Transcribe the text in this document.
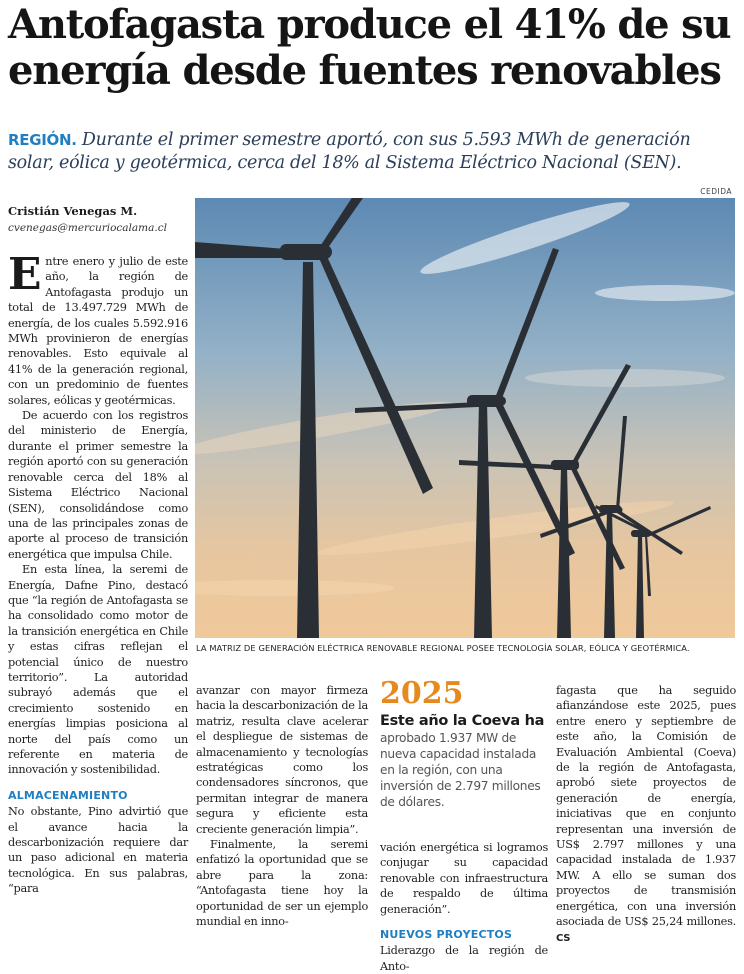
Antofagasta produce el 41% de su
energía desde fuentes renovables

REGIÓN. Durante el primer semestre aportó, con sus 5.593 MWh de generación solar, eólica y geotérmica, cerca del 18% al Sistema Eléctrico Nacional (SEN).

CEDIDA
Cristián Venegas M.
cvenegas@mercuriocalama.cl

Entre enero y julio de este año, la región de Antofagasta produjo un total de 13.497.729 MWh de energía, de los cuales 5.592.916 MWh provinieron de energías renovables. Esto equivale al 41% de la generación regional, con un predominio de fuentes solares, eólicas y geotérmicas.

De acuerdo con los registros del ministerio de Energía, durante el primer semestre la región aportó con su generación renovable cerca del 18% al Sistema Eléctrico Nacional (SEN), consolidándose como una de las principales zonas de aporte al proceso de transición energética que impulsa Chile.

En esta línea, la seremi de Energía, Dafne Pino, destacó que “la región de Antofagasta se ha consolidado como motor de la transición energética en Chile y estas cifras reflejan el potencial único de nuestro territorio”. La autoridad subrayó además que el crecimiento sostenido en energías limpias posiciona al norte del país como un referente en materia de innovación y sostenibilidad.

ALMACENAMIENTO

No obstante, Pino advirtió que el avance hacia la descarbonización requiere dar un paso adicional en materia tecnológica. En sus palabras, “para

LA MATRIZ DE GENERACIÓN ELÉCTRICA RENOVABLE REGIONAL POSEE TECNOLOGÍA SOLAR, EÓLICA Y GEOTÉRMICA.

avanzar con mayor firmeza hacia la descarbonización de la matriz, resulta clave acelerar el despliegue de sistemas de almacenamiento y tecnologías estratégicas como los condensadores síncronos, que permitan integrar de manera segura y eficiente esta creciente generación limpia”.

Finalmente, la seremi enfatizó la oportunidad que se abre para la zona: “Antofagasta tiene hoy la oportunidad de ser un ejemplo mundial en inno-

2025
Este año la Coeva ha
aprobado 1.937 MW de nueva capacidad instalada en la región, con una inversión de 2.797 millones de dólares.

vación energética si logramos conjugar su capacidad renovable con infraestructura de respaldo de última generación”.

NUEVOS PROYECTOS

Liderazgo de la región de Anto-

fagasta que ha seguido afianzándose este 2025, pues entre enero y septiembre de este año, la Comisión de Evaluación Ambiental (Coeva) de la región de Antofagasta, aprobó siete proyectos de generación de energía, iniciativas que en conjunto representan una inversión de US$ 2.797 millones y una capacidad instalada de 1.937 MW. A ello se suman dos proyectos de transmisión energética, con una inversión asociada de US$ 25,24 millones. CS
